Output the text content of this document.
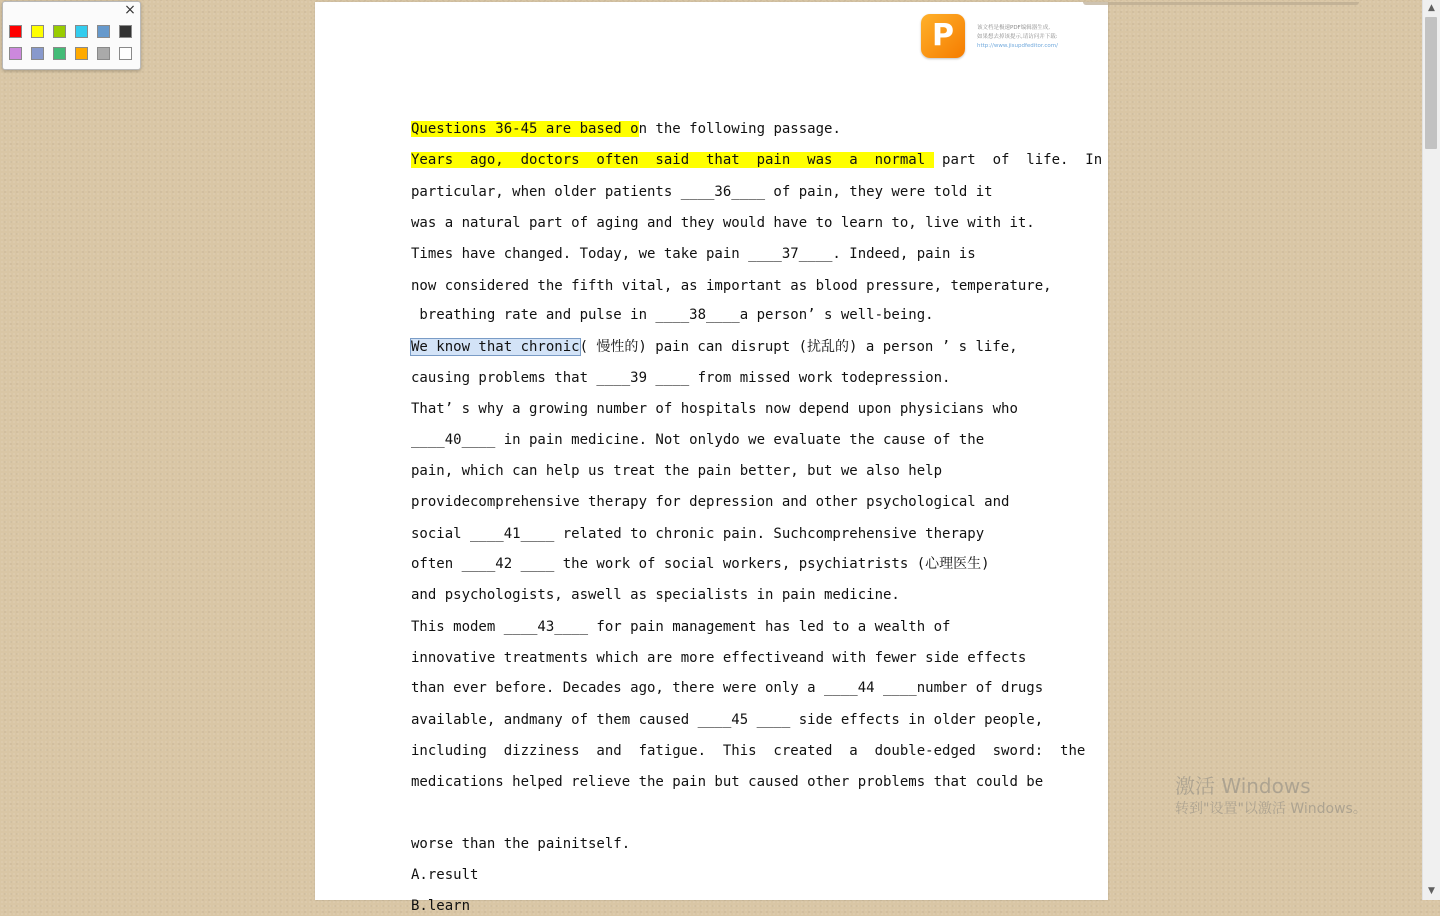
×
P	该文档是极速PDF编辑器生成,
如果想去掉该提示,请访问并下载:
http://www.jisupdfeditor.com/

Questions 36-45 are based on the following passage.

Years  ago,  doctors  often  said  that  pain  was  a  normal  part  of  life.  In

particular, when older patients ____36____ of pain, they were told it

was a natural part of aging and they would have to learn to, live with it.

Times have changed. Today, we take pain ____37____. Indeed, pain is

now considered the fifth vital, as important as blood pressure, temperature,

breathing rate and pulse in ____38____a person’ s well-being.

We know that chronic( 慢性的) pain can disrupt (扰乱的) a person ’ s life,

causing problems that ____39 ____ from missed work todepression.

That’ s why a growing number of hospitals now depend upon physicians who

____40____ in pain medicine. Not onlydo we evaluate the cause of the

pain, which can help us treat the pain better, but we also help

providecomprehensive therapy for depression and other psychological and

social ____41____ related to chronic pain. Suchcomprehensive therapy

often ____42 ____ the work of social workers, psychiatrists (心理医生)

and psychologists, aswell as specialists in pain medicine.

This modem ____43____ for pain management has led to a wealth of

innovative treatments which are more effectiveand with fewer side effects

than ever before. Decades ago, there were only a ____44 ____number of drugs

available, andmany of them caused ____45 ____ side effects in older people,

including  dizziness  and  fatigue.  This  created  a  double-edged  sword:  the

medications helped relieve the pain but caused other problems that could be

worse than the painitself.

A.result

B.learn

激活 Windows
转到"设置"以激活 Windows。
▲
▼
